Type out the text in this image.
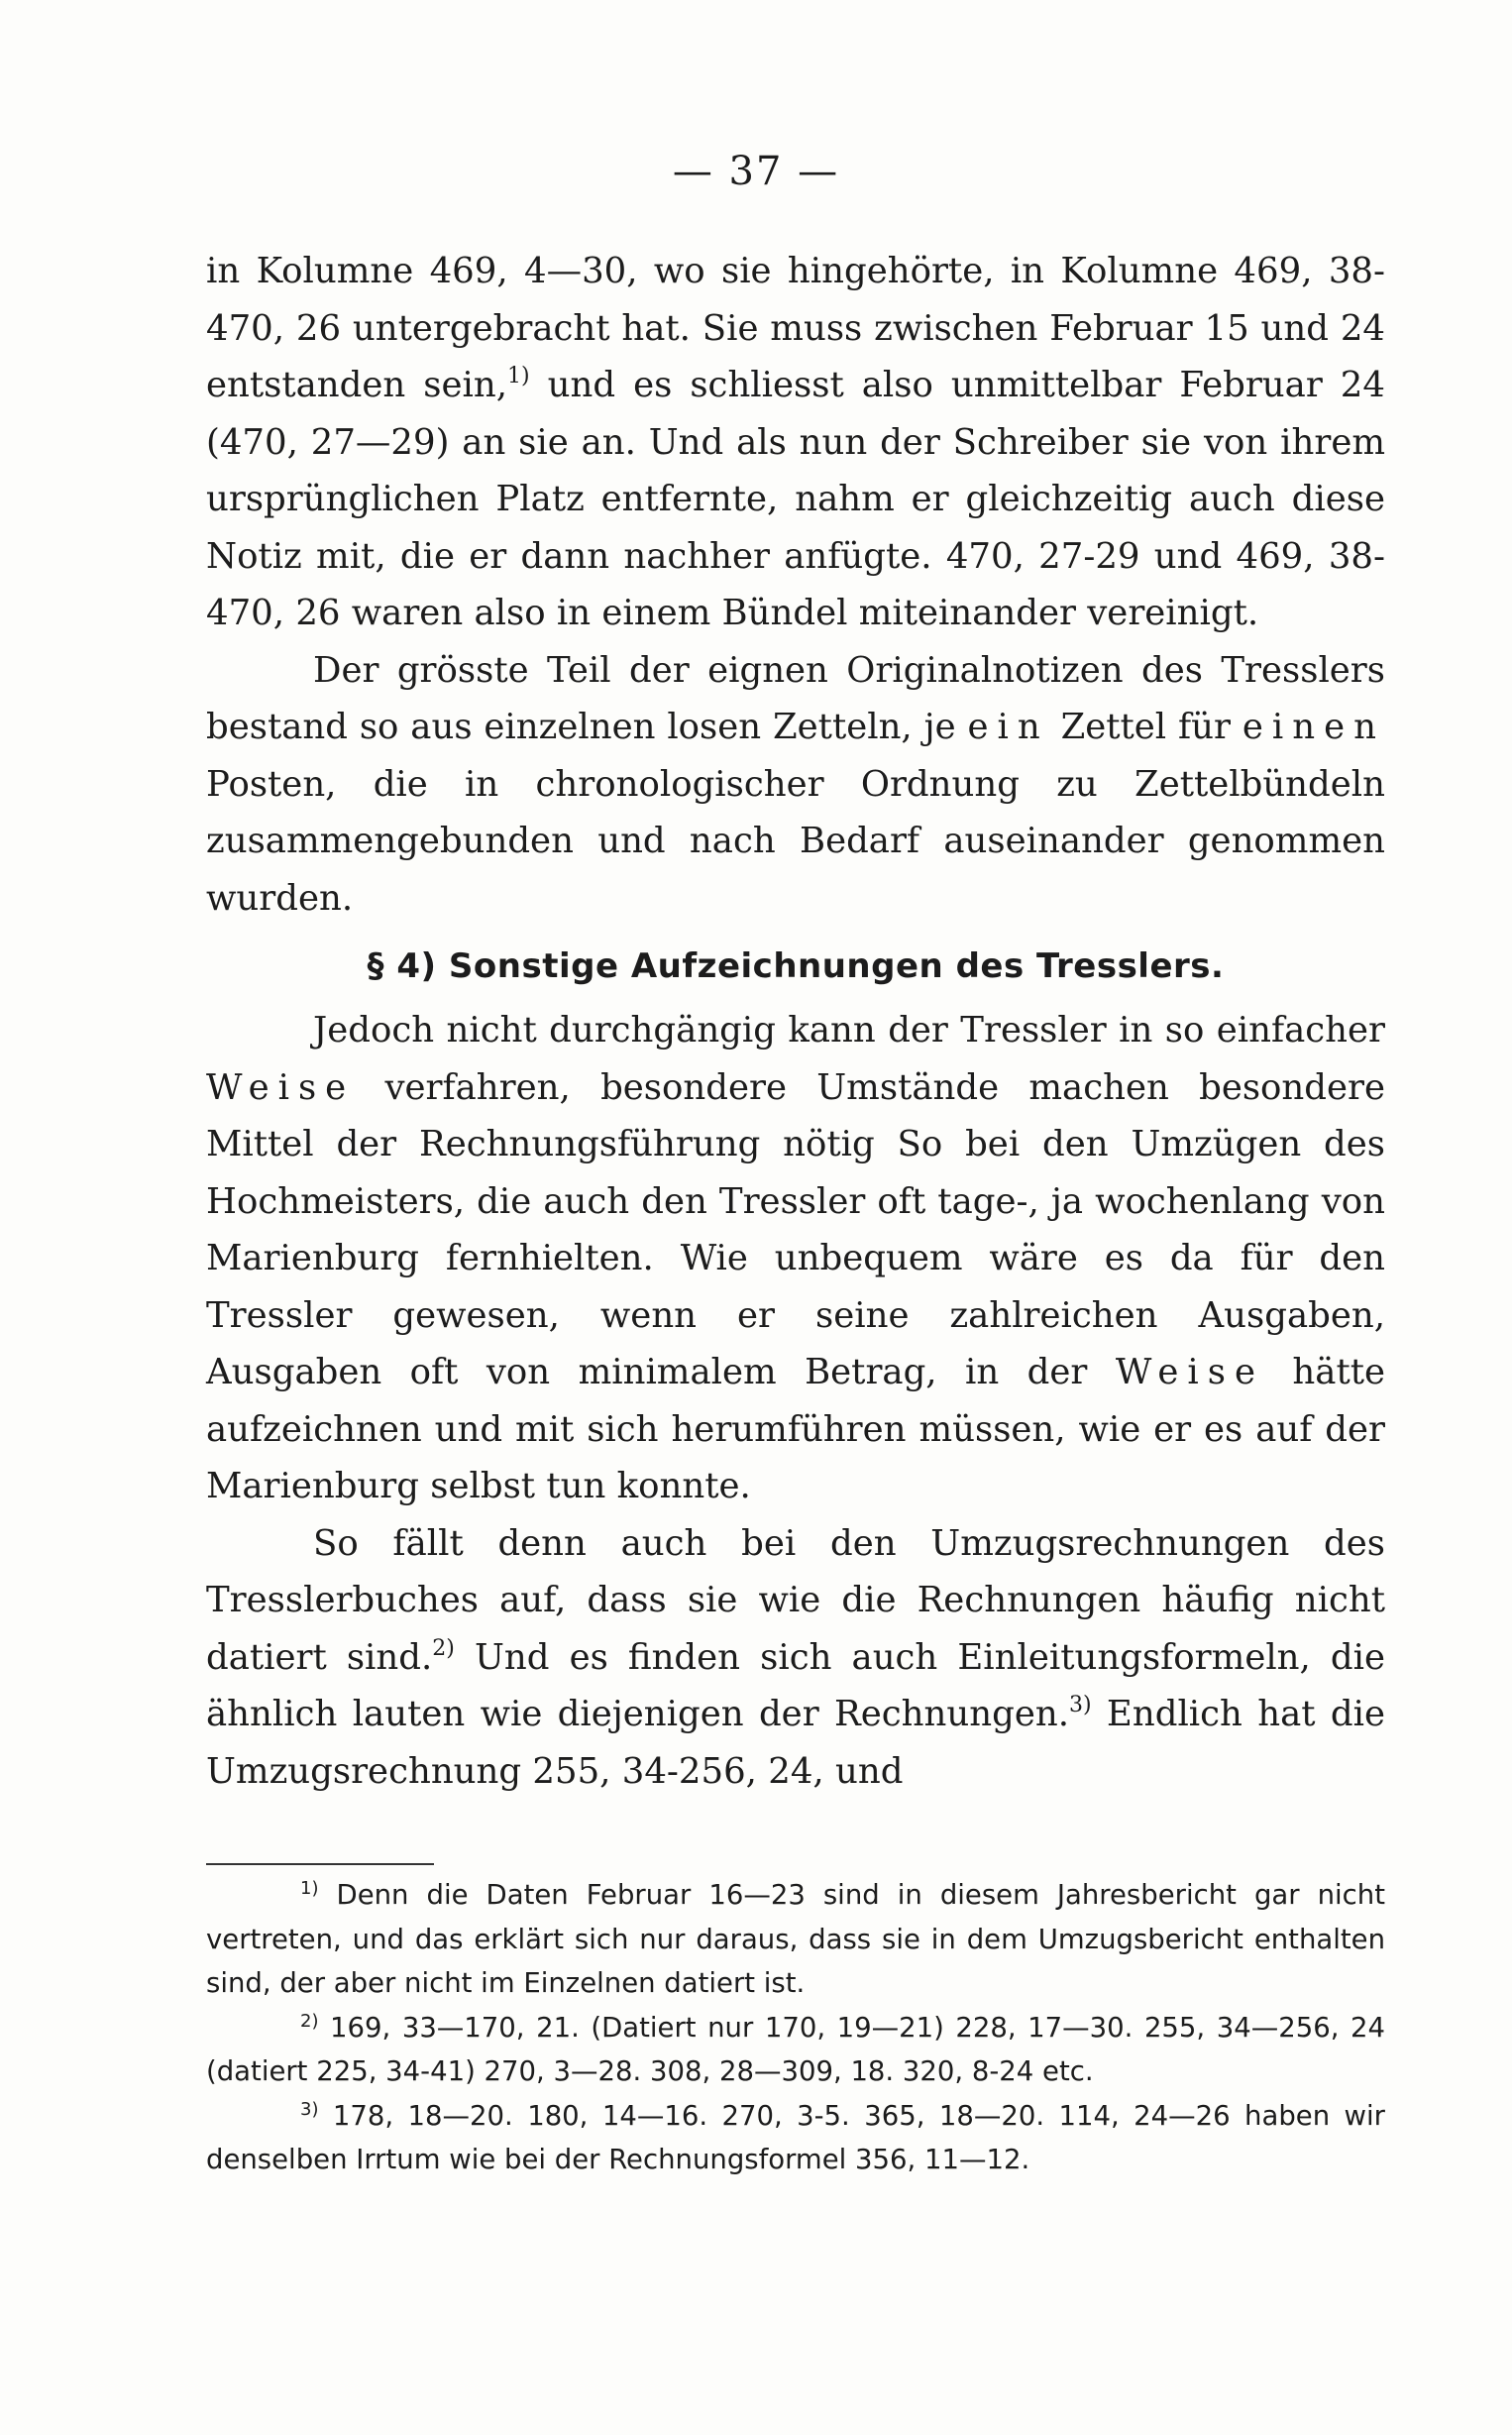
— 37 —

in Kolumne 469, 4—30, wo sie hingehörte, in Kolumne 469, 38-470, 26 untergebracht hat. Sie muss zwischen Februar 15 und 24 entstanden sein,$^{1)}$ und es schliesst also unmittelbar Februar 24 (470, 27—29) an sie an. Und als nun der Schreiber sie von ihrem ursprünglichen Platz entfernte, nahm er gleichzeitig auch diese Notiz mit, die er dann nachher anfügte. 470, 27-29 und 469, 38-470, 26 waren also in einem Bündel miteinander vereinigt.

Der grösste Teil der eignen Originalnotizen des Tresslers bestand so aus einzelnen losen Zetteln, je ein Zettel für einen Posten, die in chronologischer Ordnung zu Zettelbündeln zusammengebunden und nach Bedarf auseinander genommen wurden.

§ 4) Sonstige Aufzeichnungen des Tresslers.

Jedoch nicht durchgängig kann der Tressler in so einfacher Weise verfahren, besondere Umstände machen besondere Mittel der Rechnungsführung nötig So bei den Umzügen des Hochmeisters, die auch den Tressler oft tage-, ja wochenlang von Marienburg fernhielten. Wie unbequem wäre es da für den Tressler gewesen, wenn er seine zahlreichen Ausgaben, Ausgaben oft von minimalem Betrag, in der Weise hätte aufzeichnen und mit sich herumführen müssen, wie er es auf der Marienburg selbst tun konnte.

So fällt denn auch bei den Umzugsrechnungen des Tresslerbuches auf, dass sie wie die Rechnungen häufig nicht datiert sind.$^{2)}$ Und es finden sich auch Einleitungsformeln, die ähnlich lauten wie diejenigen der Rechnungen.$^{3)}$ Endlich hat die Umzugsrechnung 255, 34-256, 24, und

$^{1)}$ Denn die Daten Februar 16—23 sind in diesem Jahresbericht gar nicht vertreten, und das erklärt sich nur daraus, dass sie in dem Umzugsbericht enthalten sind, der aber nicht im Einzelnen datiert ist.

$^{2)}$ 169, 33—170, 21. (Datiert nur 170, 19—21) 228, 17—30. 255, 34—256, 24 (datiert 225, 34-41) 270, 3—28. 308, 28—309, 18. 320, 8-24 etc.

$^{3)}$ 178, 18—20. 180, 14—16. 270, 3-5. 365, 18—20. 114, 24—26 haben wir denselben Irrtum wie bei der Rechnungsformel 356, 11—12.
